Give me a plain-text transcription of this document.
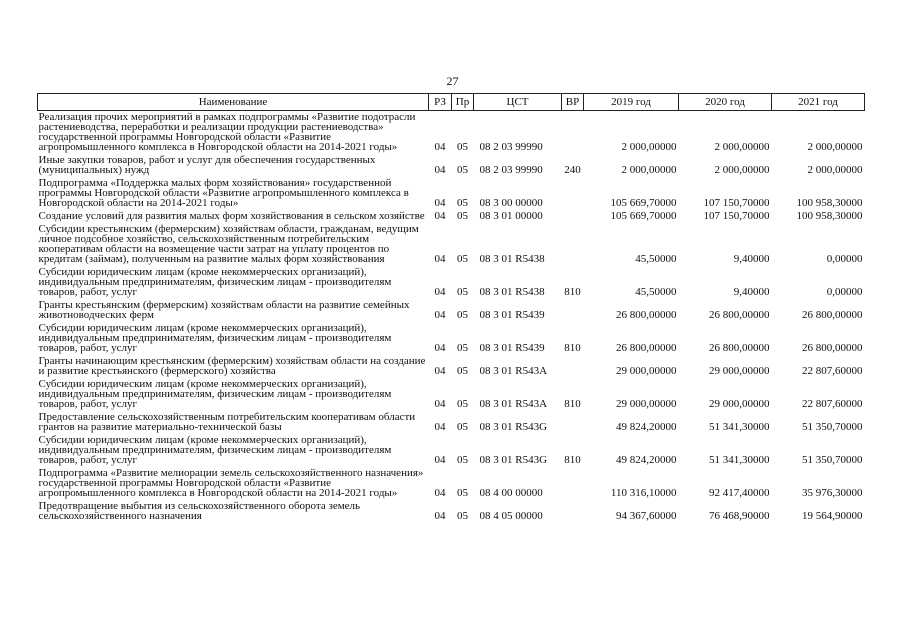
27
Наименование	РЗ	Пр	ЦСТ	ВР	2019 год	2020 год	2021 год
Реализация прочих мероприятий в рамках подпрограммы «Развитие подотрасли растениеводства, переработки и реализации продукции растениеводства» государственной программы Новгородской области «Развитие агропромышленного комплекса в Новгородской области на 2014-2021 годы»	04	05	08 2 03 99990		2 000,00000	2 000,00000	2 000,00000
Иные закупки товаров, работ и услуг для обеспечения государственных (муниципальных) нужд	04	05	08 2 03 99990	240	2 000,00000	2 000,00000	2 000,00000
Подпрограмма «Поддержка малых форм хозяйствования» государственной программы Новгородской области «Развитие агропромышленного комплекса в Новгородской области на 2014-2021 годы»	04	05	08 3 00 00000		105 669,70000	107 150,70000	100 958,30000
Создание условий для развития малых форм хозяйствования в сельском хозяйстве	04	05	08 3 01 00000		105 669,70000	107 150,70000	100 958,30000
Субсидии крестьянским (фермерским) хозяйствам области, гражданам, ведущим личное подсобное хозяйство, сельскохозяйственным потребительским кооперативам области на возмещение части затрат на уплату процентов по кредитам (займам), полученным на развитие малых форм хозяйствования	04	05	08 3 01 R5438		45,50000	9,40000	0,00000
Субсидии юридическим лицам (кроме некоммерческих организаций), индивидуальным предпринимателям, физическим лицам - производителям товаров, работ, услуг	04	05	08 3 01 R5438	810	45,50000	9,40000	0,00000
Гранты крестьянским (фермерским) хозяйствам области на развитие семейных животноводческих ферм	04	05	08 3 01 R5439		26 800,00000	26 800,00000	26 800,00000
Субсидии юридическим лицам (кроме некоммерческих организаций), индивидуальным предпринимателям, физическим лицам - производителям товаров, работ, услуг	04	05	08 3 01 R5439	810	26 800,00000	26 800,00000	26 800,00000
Гранты начинающим крестьянским (фермерским) хозяйствам области на создание и развитие крестьянского (фермерского) хозяйства	04	05	08 3 01 R543A		29 000,00000	29 000,00000	22 807,60000
Субсидии юридическим лицам (кроме некоммерческих организаций), индивидуальным предпринимателям, физическим лицам - производителям товаров, работ, услуг	04	05	08 3 01 R543A	810	29 000,00000	29 000,00000	22 807,60000
Предоставление сельскохозяйственным потребительским кооперативам области грантов на развитие материально-технической базы	04	05	08 3 01 R543G		49 824,20000	51 341,30000	51 350,70000
Субсидии юридическим лицам (кроме некоммерческих организаций), индивидуальным предпринимателям, физическим лицам - производителям товаров, работ, услуг	04	05	08 3 01 R543G	810	49 824,20000	51 341,30000	51 350,70000
Подпрограмма «Развитие мелиорации земель сельскохозяйственного назначения» государственной программы Новгородской области «Развитие агропромышленного комплекса в Новгородской области на 2014-2021 годы»	04	05	08 4 00 00000		110 316,10000	92 417,40000	35 976,30000
Предотвращение выбытия из сельскохозяйственного оборота земель сельскохозяйственного назначения	04	05	08 4 05 00000		94 367,60000	76 468,90000	19 564,90000
